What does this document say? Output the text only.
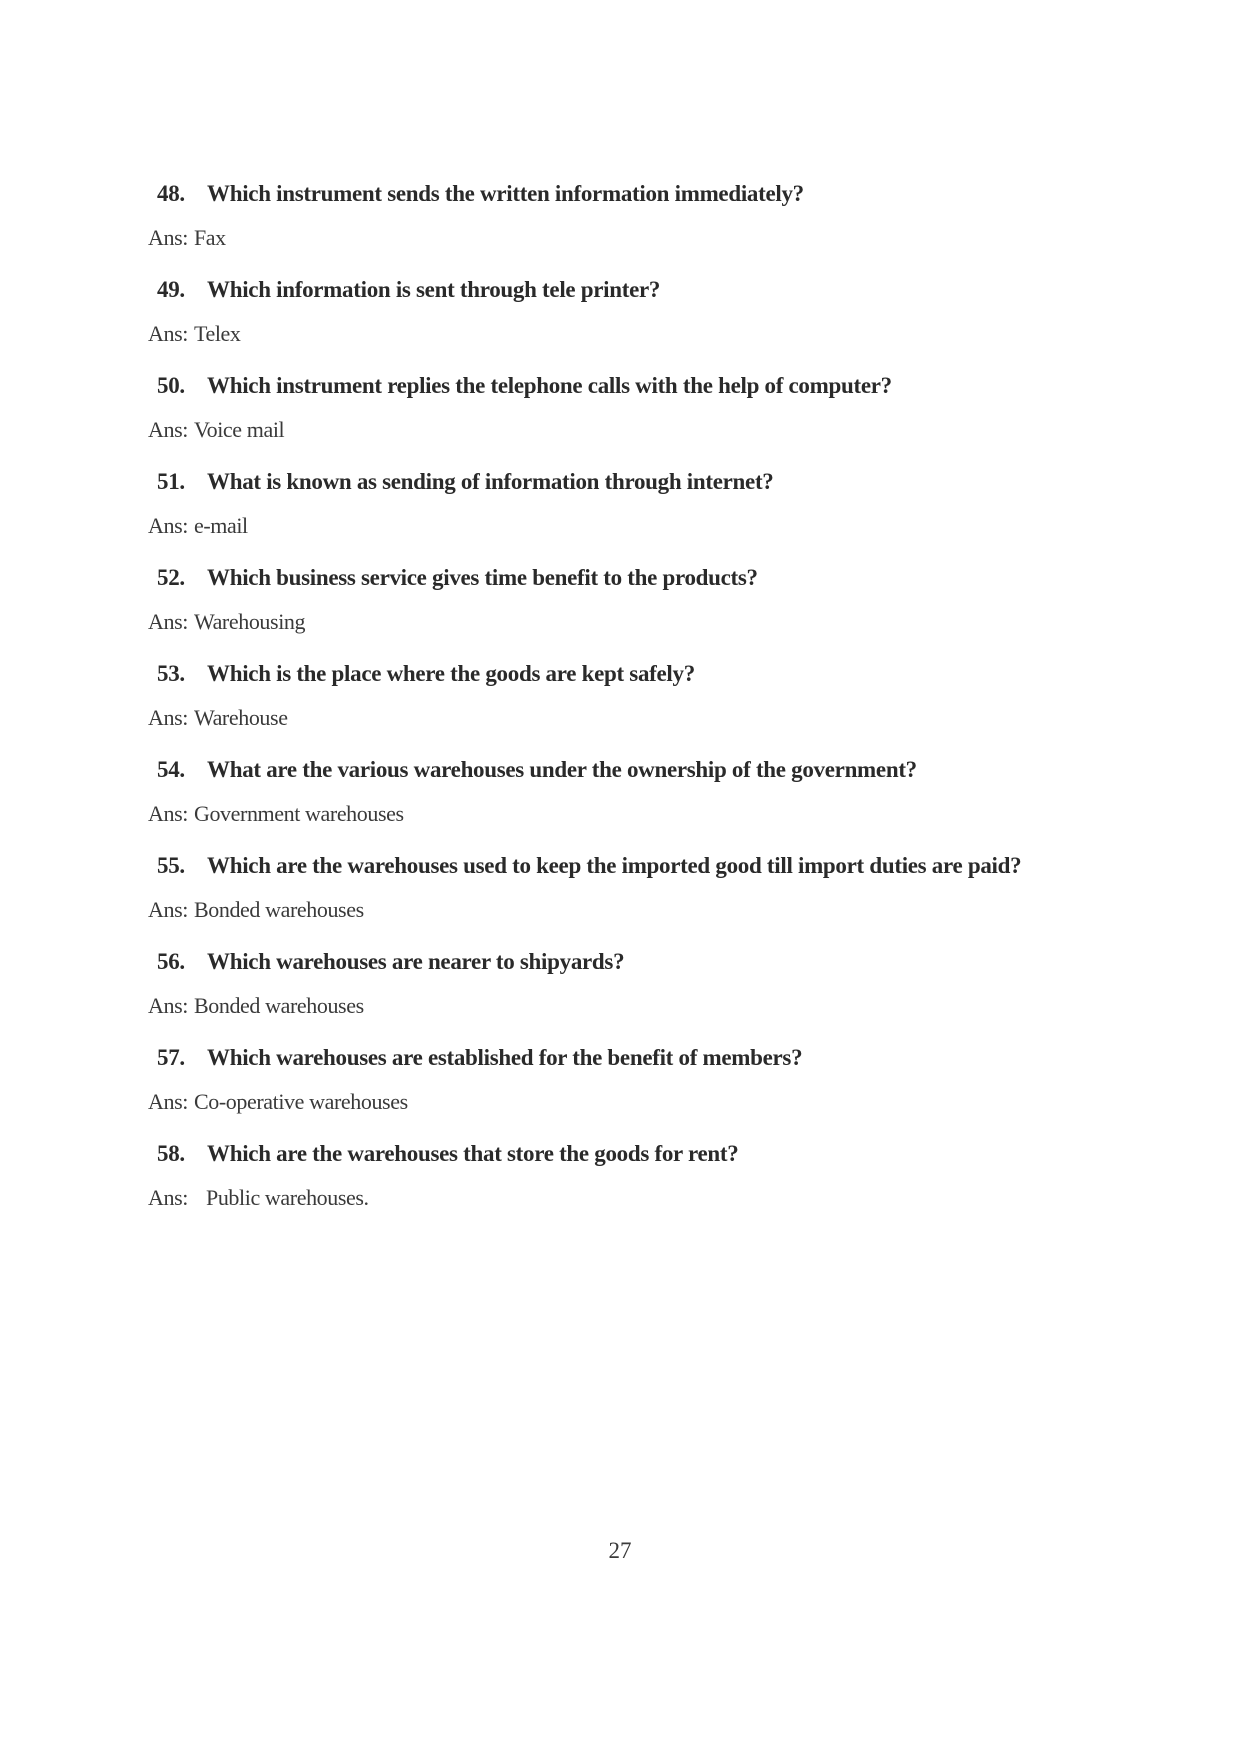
48. Which instrument sends the written information immediately?
Ans: Fax
49. Which information is sent through tele printer?
Ans: Telex
50. Which instrument replies the telephone calls with the help of computer?
Ans: Voice mail
51. What is known as sending of information through internet?
Ans: e-mail
52. Which business service gives time benefit to the products?
Ans: Warehousing
53. Which is the place where the goods are kept safely?
Ans: Warehouse
54. What are the various warehouses under the ownership of the government?
Ans: Government warehouses
55. Which are the warehouses used to keep the imported good till import duties are paid?
Ans: Bonded warehouses
56. Which warehouses are nearer to shipyards?
Ans: Bonded warehouses
57. Which warehouses are established for the benefit of members?
Ans: Co-operative warehouses
58. Which are the warehouses that store the goods for rent?
Ans: Public warehouses.
27
